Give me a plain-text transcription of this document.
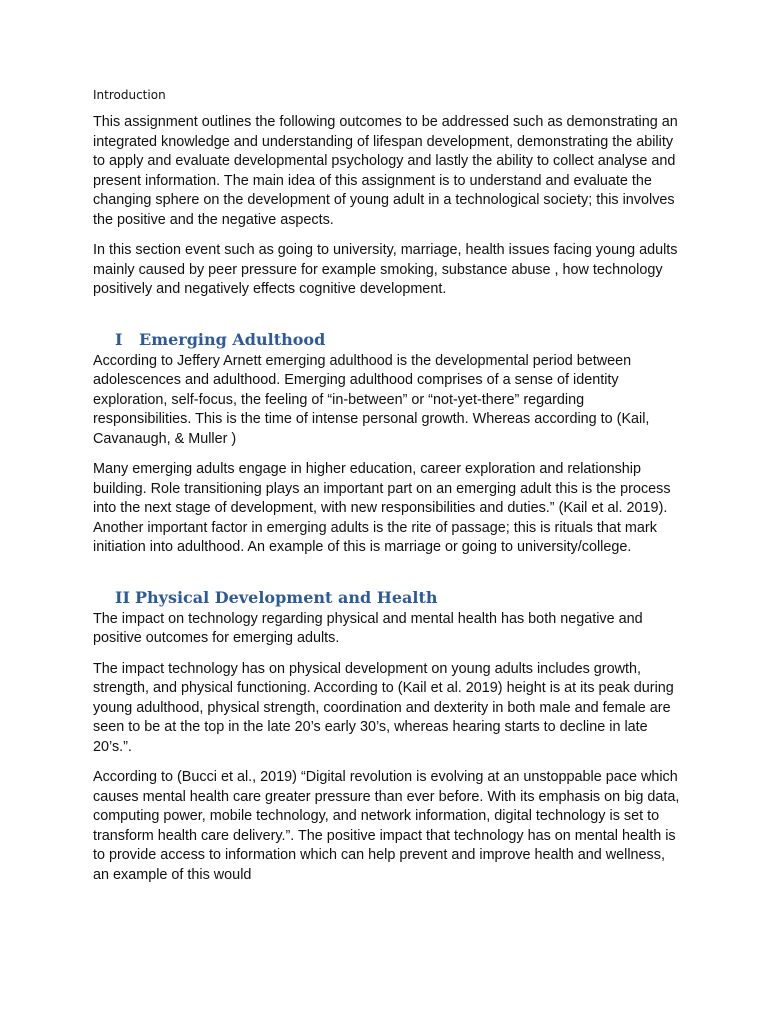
Introduction

This assignment outlines the following outcomes to be addressed such as demonstrating an integrated knowledge and understanding of lifespan development, demonstrating the ability to apply and evaluate developmental psychology and lastly the ability to collect analyse and present information. The main idea of this assignment is to understand and evaluate the changing sphere on the development of young adult in a technological society; this involves the positive and the negative aspects.

In this section event such as going to university, marriage, health issues facing young adults mainly caused by peer pressure for example smoking, substance abuse , how technology positively and negatively effects cognitive development.

I Emerging Adulthood

According to Jeffery Arnett emerging adulthood is the developmental period between adolescences and adulthood. Emerging adulthood comprises of a sense of identity exploration, self-focus, the feeling of “in-between” or “not-yet-there” regarding responsibilities. This is the time of intense personal growth. Whereas according to (Kail, Cavanaugh, & Muller )

Many emerging adults engage in higher education, career exploration and relationship building. Role transitioning plays an important part on an emerging adult this is the process into the next stage of development, with new responsibilities and duties.” (Kail et al. 2019). Another important factor in emerging adults is the rite of passage; this is rituals that mark initiation into adulthood. An example of this is marriage or going to university/college.

II Physical Development and Health

The impact on technology regarding physical and mental health has both negative and positive outcomes for emerging adults.

The impact technology has on physical development on young adults includes growth, strength, and physical functioning. According to (Kail et al. 2019) height is at its peak during young adulthood, physical strength, coordination and dexterity in both male and female are seen to be at the top in the late 20’s early 30’s, whereas hearing starts to decline in late 20’s.”.

According to (Bucci et al., 2019) “Digital revolution is evolving at an unstoppable pace which causes mental health care greater pressure than ever before. With its emphasis on big data, computing power, mobile technology, and network information, digital technology is set to transform health care delivery.”. The positive impact that technology has on mental health is to provide access to information which can help prevent and improve health and wellness, an example of this would
